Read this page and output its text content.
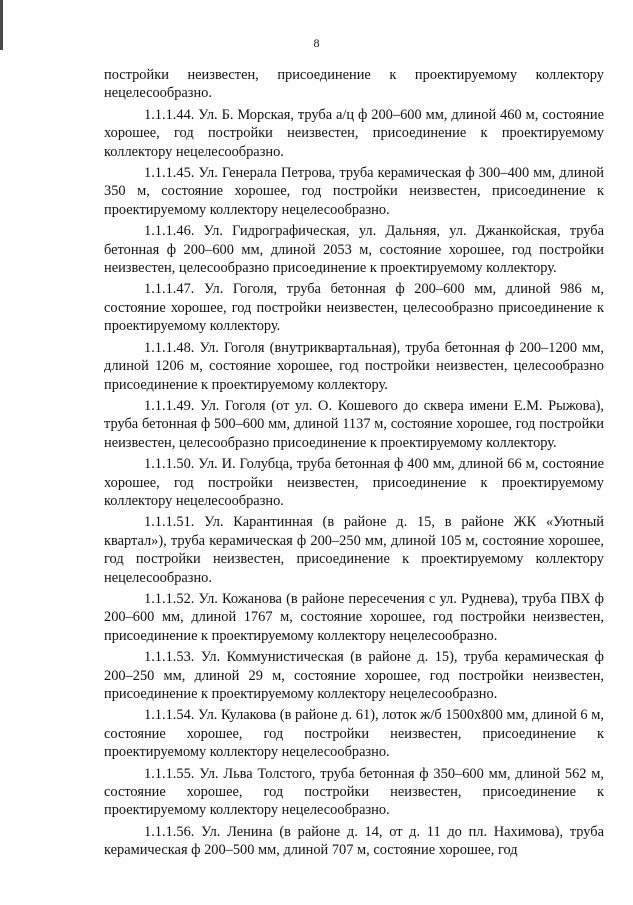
8

постройки неизвестен, присоединение к проектируемому коллектору нецелесообразно.

1.1.1.44. Ул. Б. Морская, труба а/ц ф 200–600 мм, длиной 460 м, состояние хорошее, год постройки неизвестен, присоединение к проектируемому коллектору нецелесообразно.

1.1.1.45. Ул. Генерала Петрова, труба керамическая ф 300–400 мм, длиной 350 м, состояние хорошее, год постройки неизвестен, присоединение к проектируемому коллектору нецелесообразно.

1.1.1.46. Ул. Гидрографическая, ул. Дальняя, ул. Джанкойская, труба бетонная ф 200–600 мм, длиной 2053 м, состояние хорошее, год постройки неизвестен, целесообразно присоединение к проектируемому коллектору.

1.1.1.47. Ул. Гоголя, труба бетонная ф 200–600 мм, длиной 986 м, состояние хорошее, год постройки неизвестен, целесообразно присоединение к проектируемому коллектору.

1.1.1.48. Ул. Гоголя (внутриквартальная), труба бетонная ф 200–1200 мм, длиной 1206 м, состояние хорошее, год постройки неизвестен, целесообразно присоединение к проектируемому коллектору.

1.1.1.49. Ул. Гоголя (от ул. О. Кошевого до сквера имени Е.М. Рыжова), труба бетонная ф 500–600 мм, длиной 1137 м, состояние хорошее, год постройки неизвестен, целесообразно присоединение к проектируемому коллектору.

1.1.1.50. Ул. И. Голубца, труба бетонная ф 400 мм, длиной 66 м, состояние хорошее, год постройки неизвестен, присоединение к проектируемому коллектору нецелесообразно.

1.1.1.51. Ул. Карантинная (в районе д. 15, в районе ЖК «Уютный квартал»), труба керамическая ф 200–250 мм, длиной 105 м, состояние хорошее, год постройки неизвестен, присоединение к проектируемому коллектору нецелесообразно.

1.1.1.52. Ул. Кожанова (в районе пересечения с ул. Руднева), труба ПВХ ф 200–600 мм, длиной 1767 м, состояние хорошее, год постройки неизвестен, присоединение к проектируемому коллектору нецелесообразно.

1.1.1.53. Ул. Коммунистическая (в районе д. 15), труба керамическая ф 200–250 мм, длиной 29 м, состояние хорошее, год постройки неизвестен, присоединение к проектируемому коллектору нецелесообразно.

1.1.1.54. Ул. Кулакова (в районе д. 61), лоток ж/б 1500х800 мм, длиной 6 м, состояние хорошее, год постройки неизвестен, присоединение к проектируемому коллектору нецелесообразно.

1.1.1.55. Ул. Льва Толстого, труба бетонная ф 350–600 мм, длиной 562 м, состояние хорошее, год постройки неизвестен, присоединение к проектируемому коллектору нецелесообразно.

1.1.1.56. Ул. Ленина (в районе д. 14, от д. 11 до пл. Нахимова), труба керамическая ф 200–500 мм, длиной 707 м, состояние хорошее, год
